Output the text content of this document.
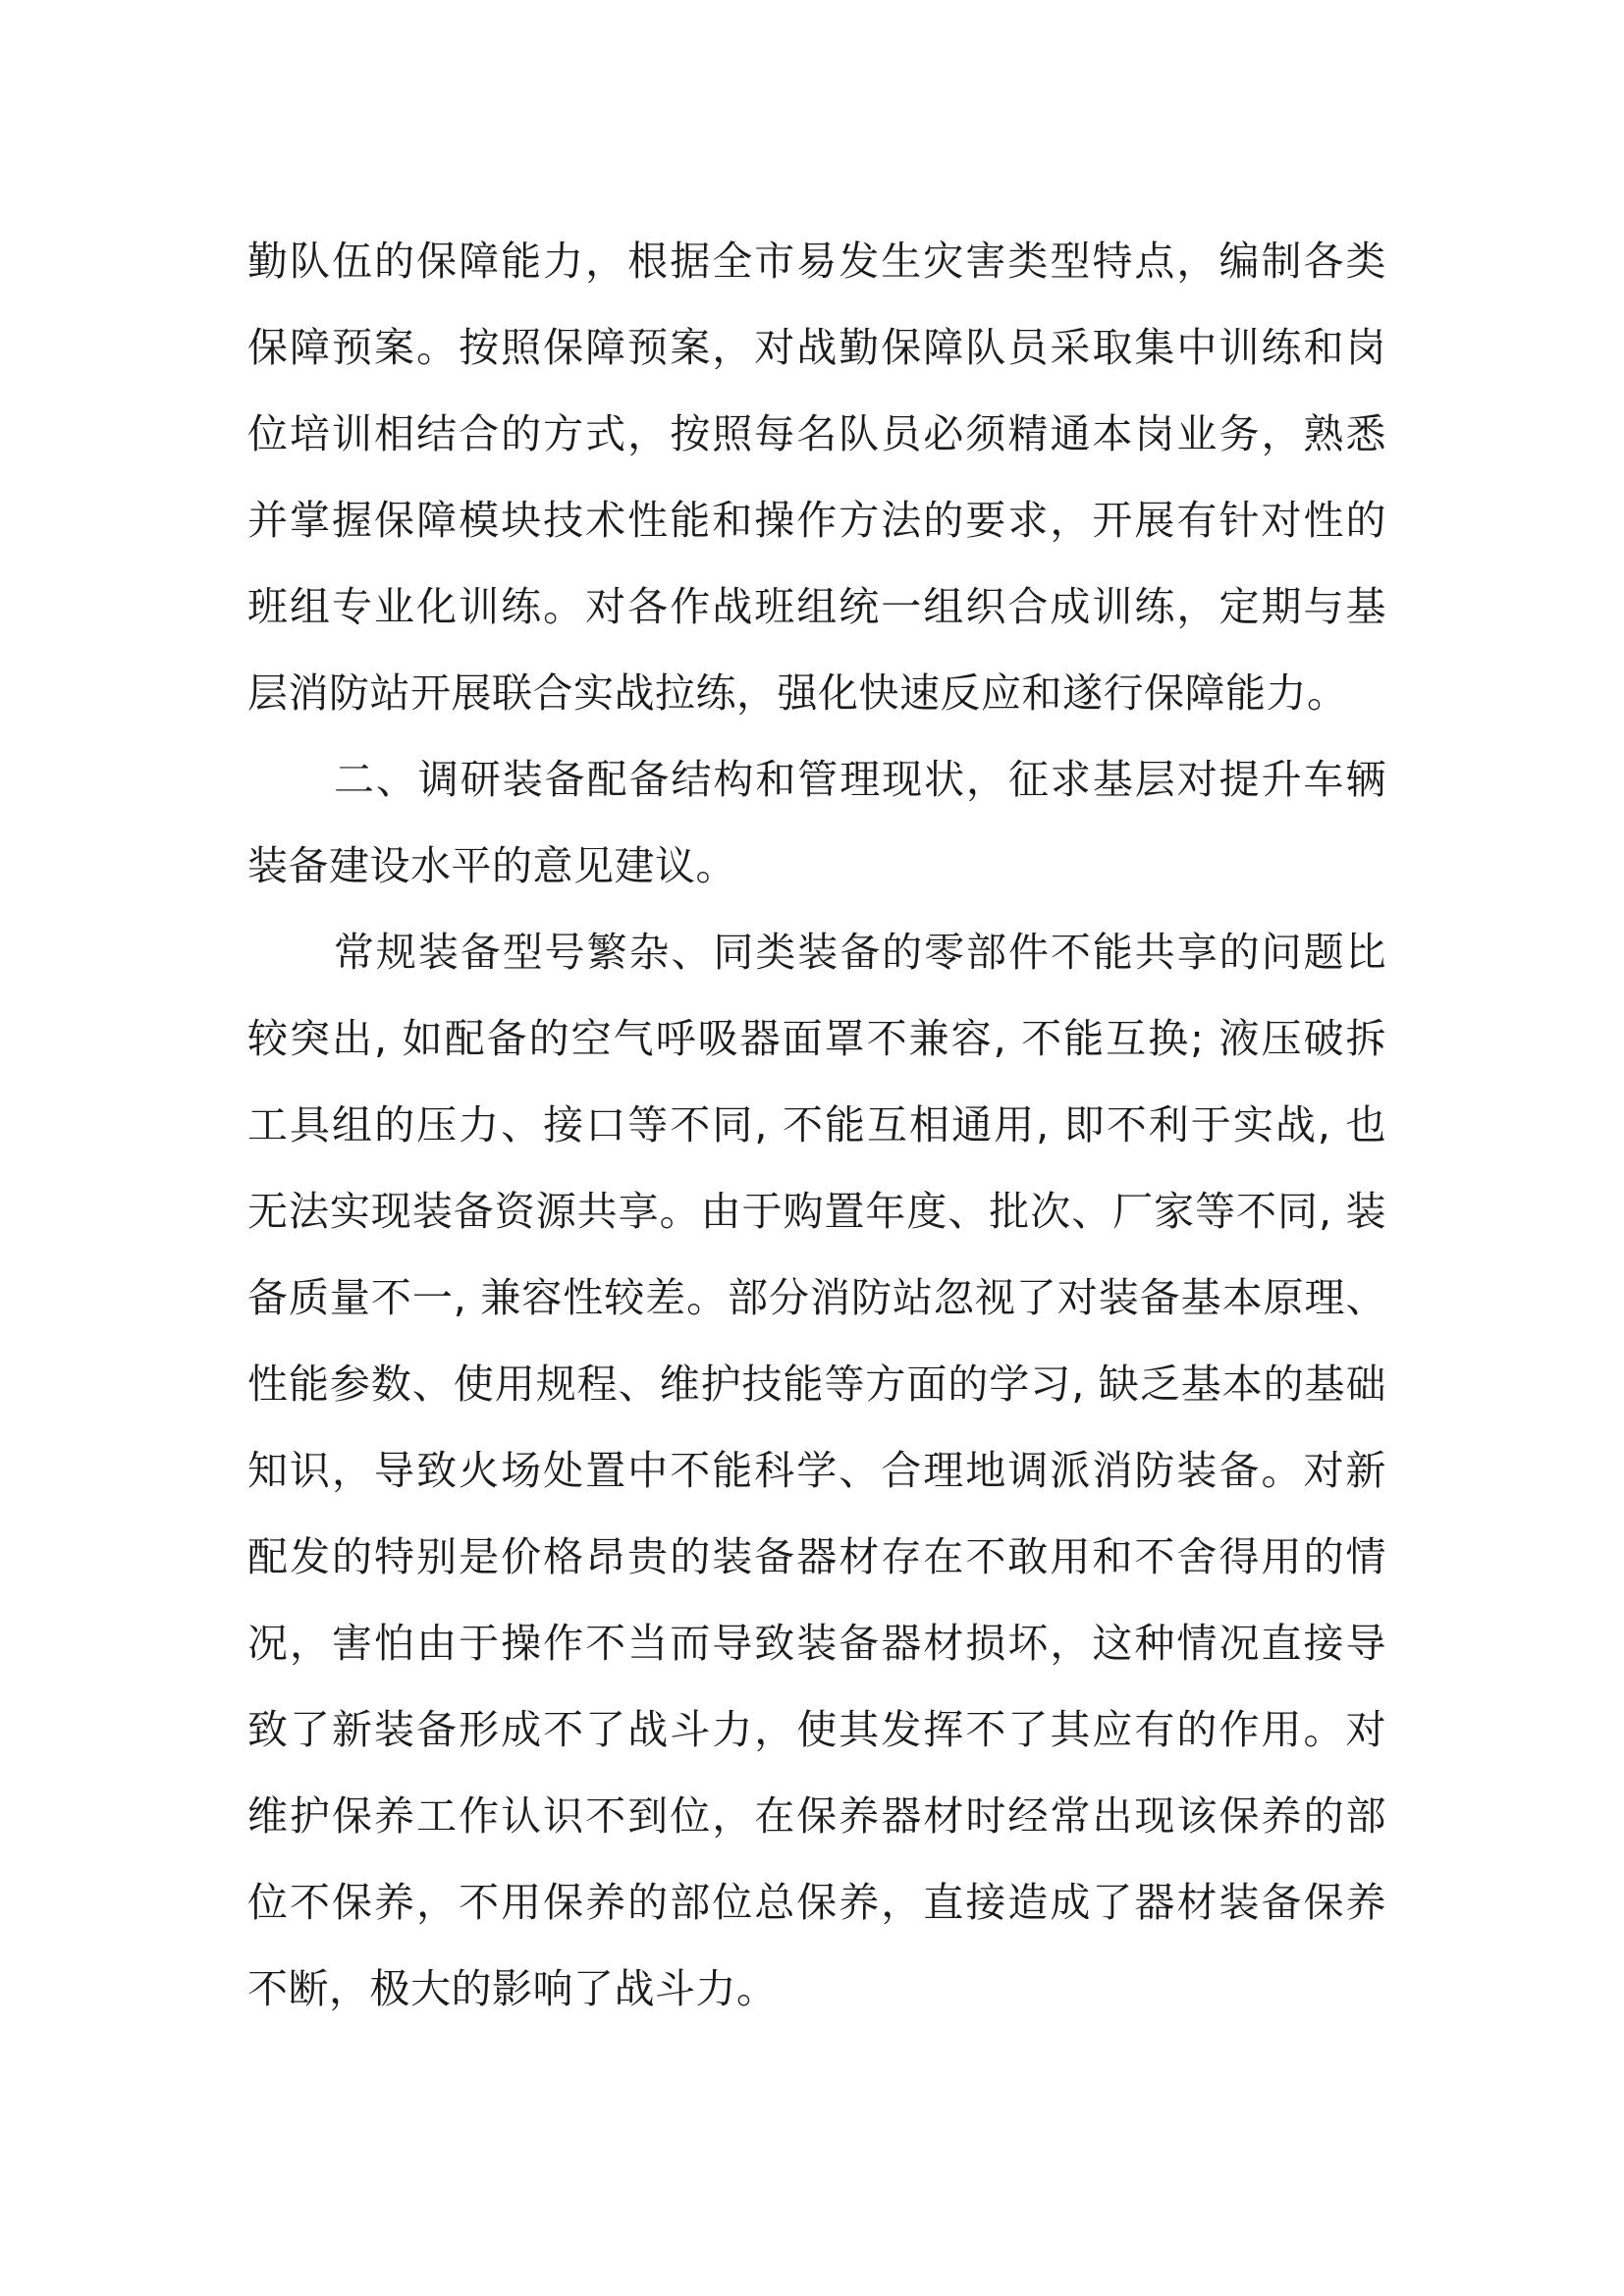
勤队伍的保障能力，根据全市易发生灾害类型特点，编制各类保障预案。按照保障预案，对战勤保障队员采取集中训练和岗位培训相结合的方式，按照每名队员必须精通本岗业务，熟悉并掌握保障模块技术性能和操作方法的要求，开展有针对性的班组专业化训练。对各作战班组统一组织合成训练，定期与基层消防站开展联合实战拉练，强化快速反应和遂行保障能力。

二、调研装备配备结构和管理现状，征求基层对提升车辆装备建设水平的意见建议。

常规装备型号繁杂、同类装备的零部件不能共享的问题比较突出, 如配备的空气呼吸器面罩不兼容, 不能互换; 液压破拆工具组的压力、接口等不同, 不能互相通用, 即不利于实战, 也无法实现装备资源共享。由于购置年度、批次、厂家等不同, 装备质量不一, 兼容性较差。部分消防站忽视了对装备基本原理、性能参数、使用规程、维护技能等方面的学习, 缺乏基本的基础知识，导致火场处置中不能科学、合理地调派消防装备。对新配发的特别是价格昂贵的装备器材存在不敢用和不舍得用的情况，害怕由于操作不当而导致装备器材损坏，这种情况直接导致了新装备形成不了战斗力，使其发挥不了其应有的作用。对维护保养工作认识不到位，在保养器材时经常出现该保养的部位不保养，不用保养的部位总保养，直接造成了器材装备保养不断，极大的影响了战斗力。
